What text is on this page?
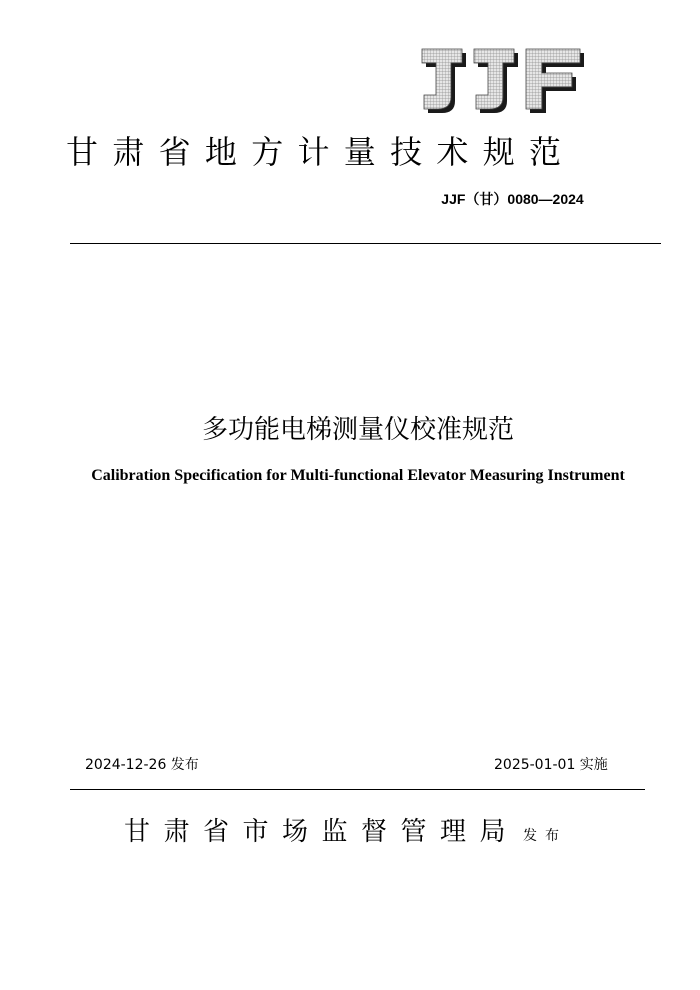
甘肃省地方计量技术规范
JJF（甘）0080—2024
多功能电梯测量仪校准规范
Calibration Specification for Multi-functional Elevator Measuring Instrument
2024-12-26 发布	2025-01-01 实施
甘肃省市场监督管理局 发布
